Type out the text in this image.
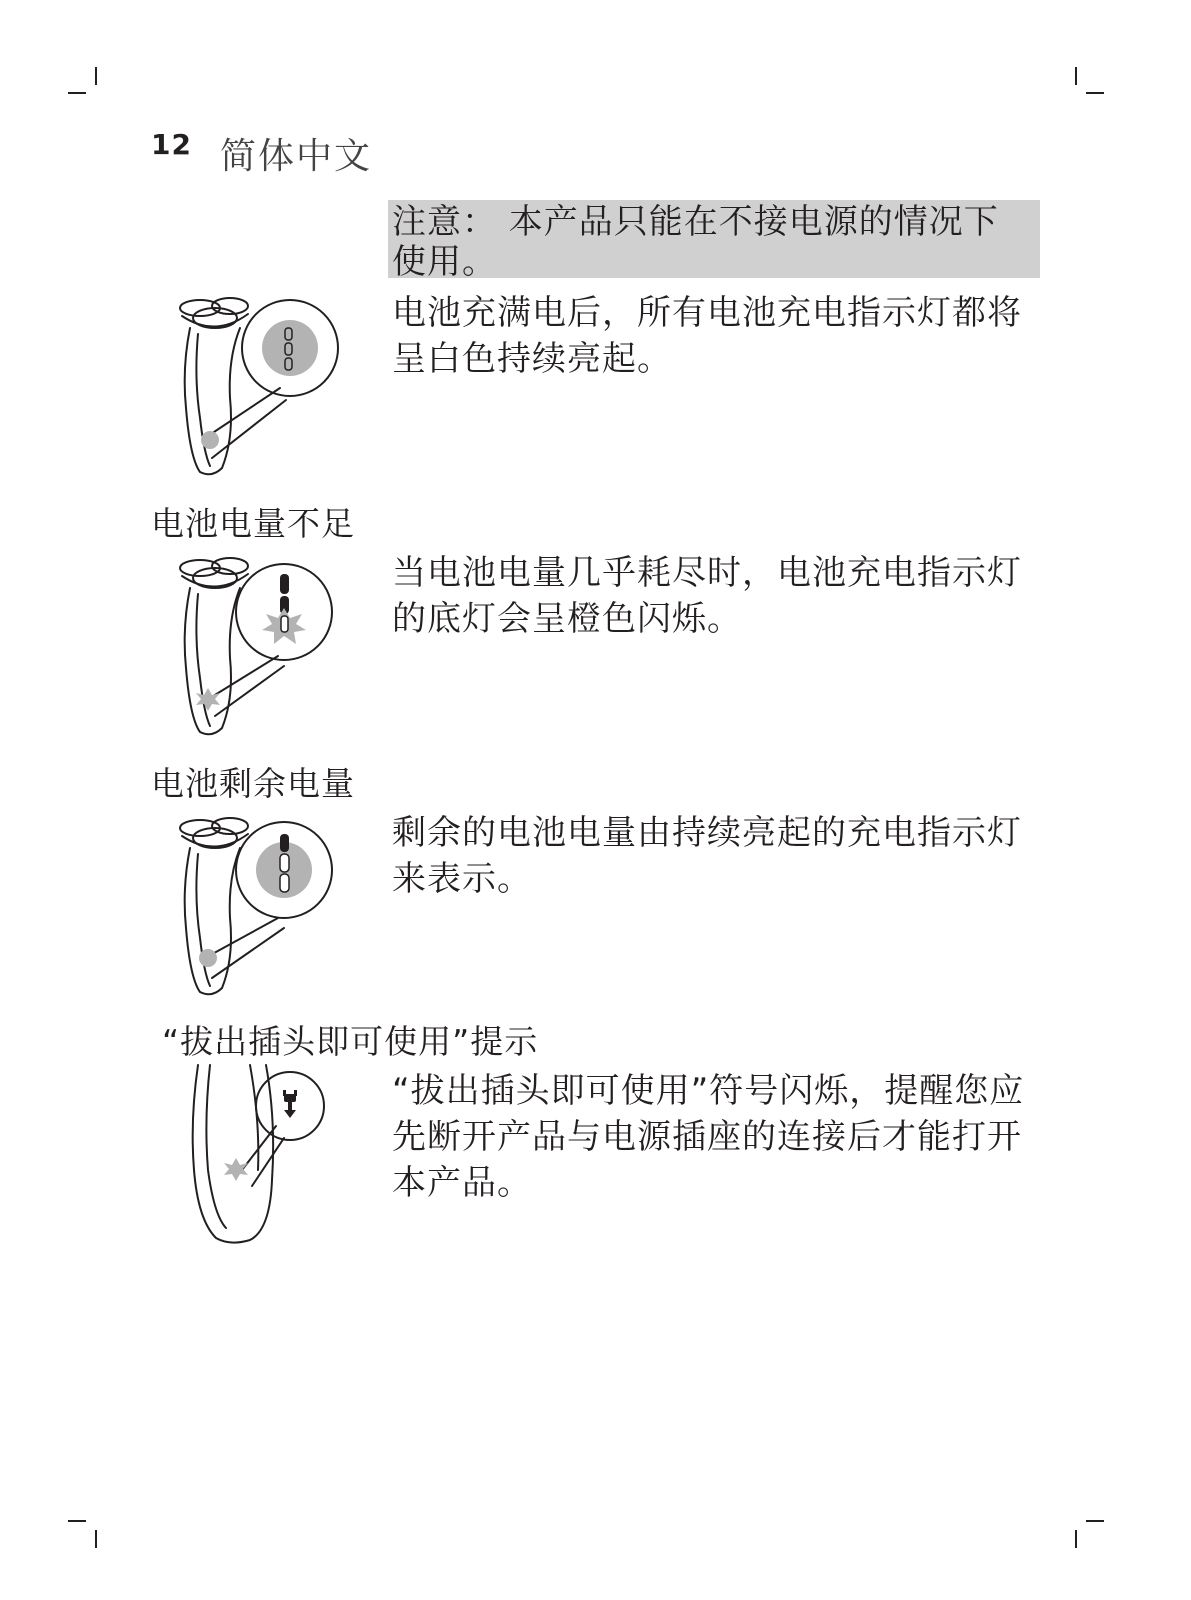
12 简体中文
注意： 本产品只能在不接电源的情况下使用。
电池充满电后，所有电池充电指示灯都将呈白色持续亮起。
电池电量不足
当电池电量几乎耗尽时，电池充电指示灯的底灯会呈橙色闪烁。
电池剩余电量
剩余的电池电量由持续亮起的充电指示灯来表示。
“拔出插头即可使用”提示
“拔出插头即可使用”符号闪烁，提醒您应先断开产品与电源插座的连接后才能打开本产品。
